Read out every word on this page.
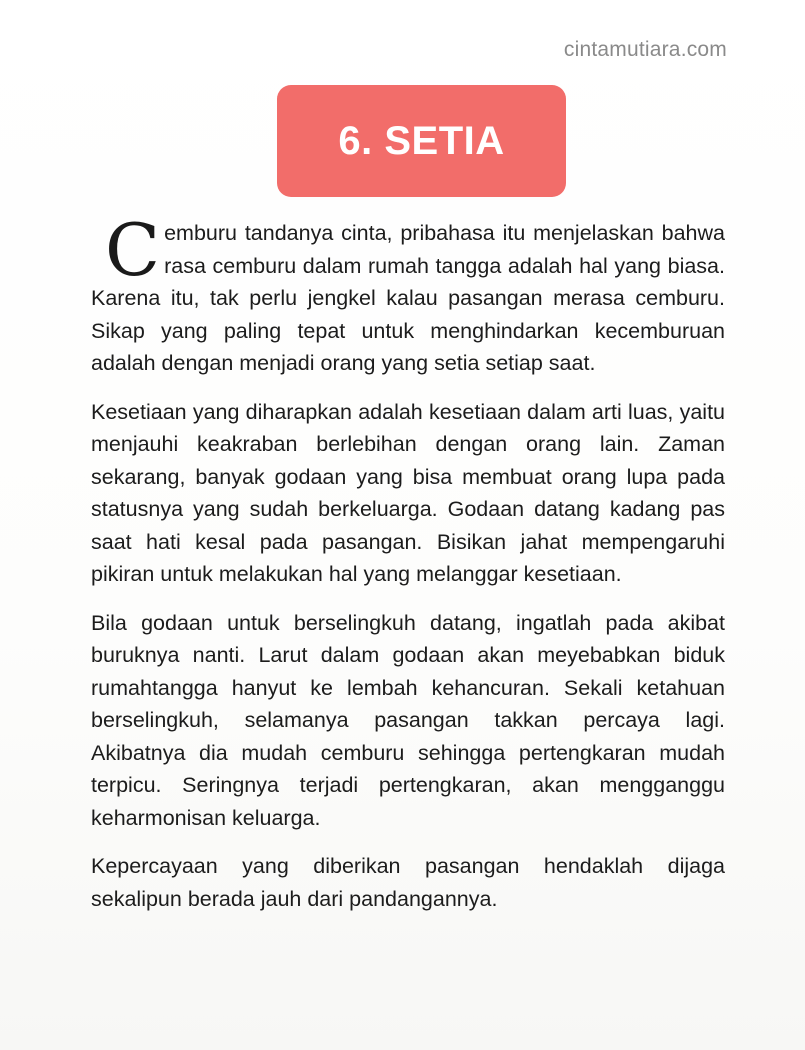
cintamutiara.com
6. SETIA

Cemburu tandanya cinta, pribahasa itu menjelaskan bahwa rasa cemburu dalam rumah tangga adalah hal yang biasa. Karena itu, tak perlu jengkel kalau pasangan merasa cemburu. Sikap yang paling tepat untuk menghindarkan kecemburuan adalah dengan menjadi orang yang setia setiap saat.

Kesetiaan yang diharapkan adalah kesetiaan dalam arti luas, yaitu menjauhi keakraban berlebihan dengan orang lain. Zaman sekarang, banyak godaan yang bisa membuat orang lupa pada statusnya yang sudah berkeluarga. Godaan datang kadang pas saat hati kesal pada pasangan. Bisikan jahat mempengaruhi pikiran untuk melakukan hal yang melanggar kesetiaan.

Bila godaan untuk berselingkuh datang, ingatlah pada akibat buruknya nanti. Larut dalam godaan akan meyebabkan biduk rumahtangga hanyut ke lembah kehancuran. Sekali ketahuan berselingkuh, selamanya pasangan takkan percaya lagi. Akibatnya dia mudah cemburu sehingga pertengkaran mudah terpicu. Seringnya terjadi pertengkaran, akan mengganggu keharmonisan keluarga.

Kepercayaan yang diberikan pasangan hendaklah dijaga sekalipun berada jauh dari pandangannya.
